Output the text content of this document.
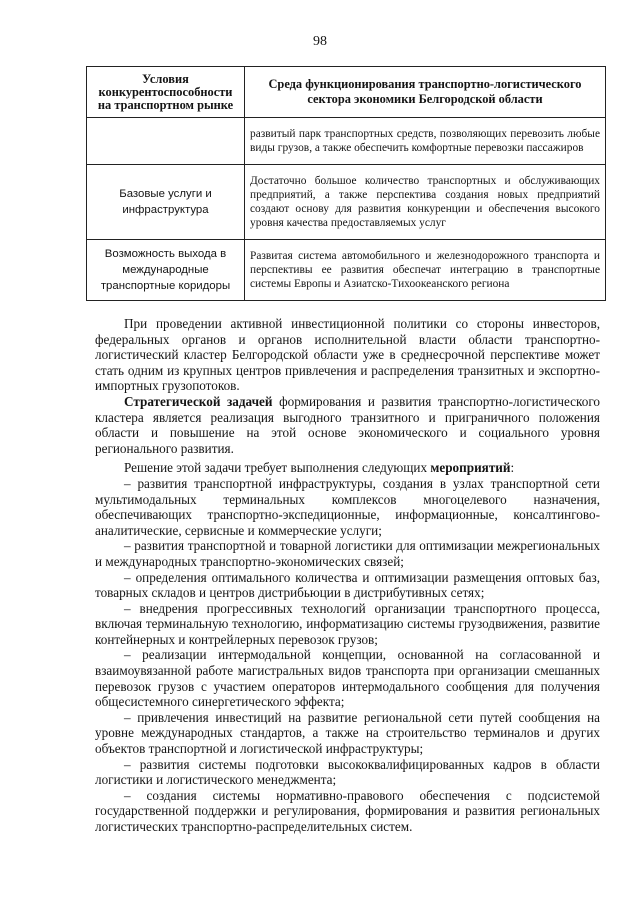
98
Условия конкурентоспособности на транспортном рынке	Среда функционирования транспортно-логистического сектора экономики Белгородской области
	развитый парк транспортных средств, позволяющих перевозить любые виды грузов, а также обеспечить комфортные перевозки пассажиров
Базовые услуги и инфраструктура	Достаточно большое количество транспортных и обслуживающих предприятий, а также перспектива создания новых предприятий создают основу для развития конкуренции и обеспечения высокого уровня качества предоставляемых услуг
Возможность выхода в международные транспортные коридоры	Развитая система автомобильного и железнодорожного транспорта и перспективы ее развития обеспечат интеграцию в транспортные системы Европы и Азиатско-Тихоокеанского региона

При проведении активной инвестиционной политики со стороны инвесторов, федеральных органов и органов исполнительной власти области транспортно-логистический кластер Белгородской области уже в среднесрочной перспективе может стать одним из крупных центров привлечения и распределения транзитных и экспортно-импортных грузопотоков.

Стратегической задачей формирования и развития транспортно-логистического кластера является реализация выгодного транзитного и приграничного положения области и повышение на этой основе экономического и социального уровня регионального развития.

Решение этой задачи требует выполнения следующих мероприятий:

– развития транспортной инфраструктуры, создания в узлах транспортной сети мультимодальных терминальных комплексов многоцелевого назначения, обеспечивающих транспортно-экспедиционные, информационные, консалтингово-аналитические, сервисные и коммерческие услуги;

– развития транспортной и товарной логистики для оптимизации межрегиональных и международных транспортно-экономических связей;

– определения оптимального количества и оптимизации размещения оптовых баз, товарных складов и центров дистрибьюции в дистрибутивных сетях;

– внедрения прогрессивных технологий организации транспортного процесса, включая терминальную технологию, информатизацию системы грузодвижения, развитие контейнерных и контрейлерных перевозок грузов;

– реализации интермодальной концепции, основанной на согласованной и взаимоувязанной работе магистральных видов транспорта при организации смешанных перевозок грузов с участием операторов интермодального сообщения для получения общесистемного синергетического эффекта;

– привлечения инвестиций на развитие региональной сети путей сообщения на уровне международных стандартов, а также на строительство терминалов и других объектов транспортной и логистической инфраструктуры;

– развития системы подготовки высококвалифицированных кадров в области логистики и логистического менеджмента;

– создания системы нормативно-правового обеспечения с подсистемой государственной поддержки и регулирования, формирования и развития региональных логистических транспортно-распределительных систем.
